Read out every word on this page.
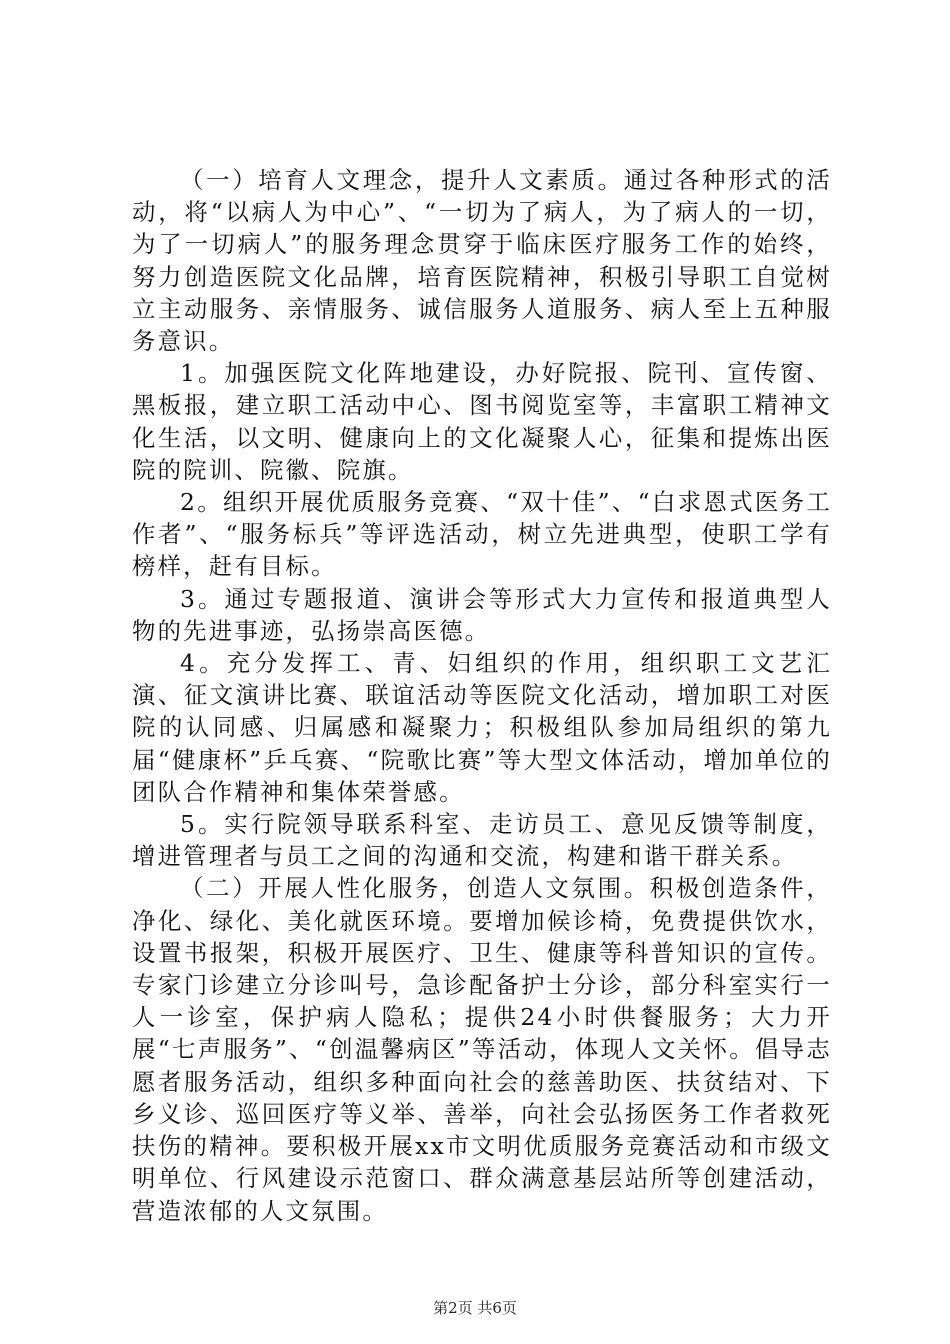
（一）培育人文理念，提升人文素质。通过各种形式的活动，将“以病人为中心”、“一切为了病人，为了病人的一切，为了一切病人”的服务理念贯穿于临床医疗服务工作的始终，努力创造医院文化品牌，培育医院精神，积极引导职工自觉树立主动服务、亲情服务、诚信服务人道服务、病人至上五种服务意识。

1。加强医院文化阵地建设，办好院报、院刊、宣传窗、黑板报，建立职工活动中心、图书阅览室等，丰富职工精神文化生活，以文明、健康向上的文化凝聚人心，征集和提炼出医院的院训、院徽、院旗。

2。组织开展优质服务竞赛、“双十佳”、“白求恩式医务工作者”、“服务标兵”等评选活动，树立先进典型，使职工学有榜样，赶有目标。

3。通过专题报道、演讲会等形式大力宣传和报道典型人物的先进事迹，弘扬崇高医德。

4。充分发挥工、青、妇组织的作用，组织职工文艺汇演、征文演讲比赛、联谊活动等医院文化活动，增加职工对医院的认同感、归属感和凝聚力；积极组队参加局组织的第九届“健康杯”乒乓赛、“院歌比赛”等大型文体活动，增加单位的团队合作精神和集体荣誉感。

5。实行院领导联系科室、走访员工、意见反馈等制度，增进管理者与员工之间的沟通和交流，构建和谐干群关系。

（二）开展人性化服务，创造人文氛围。积极创造条件，净化、绿化、美化就医环境。要增加候诊椅，免费提供饮水，设置书报架，积极开展医疗、卫生、健康等科普知识的宣传。专家门诊建立分诊叫号，急诊配备护士分诊，部分科室实行一人一诊室，保护病人隐私；提供24小时供餐服务；大力开展“七声服务”、“创温馨病区”等活动，体现人文关怀。倡导志愿者服务活动，组织多种面向社会的慈善助医、扶贫结对、下乡义诊、巡回医疗等义举、善举，向社会弘扬医务工作者救死扶伤的精神。要积极开展xx市文明优质服务竞赛活动和市级文明单位、行风建设示范窗口、群众满意基层站所等创建活动，营造浓郁的人文氛围。

第2页 共6页
